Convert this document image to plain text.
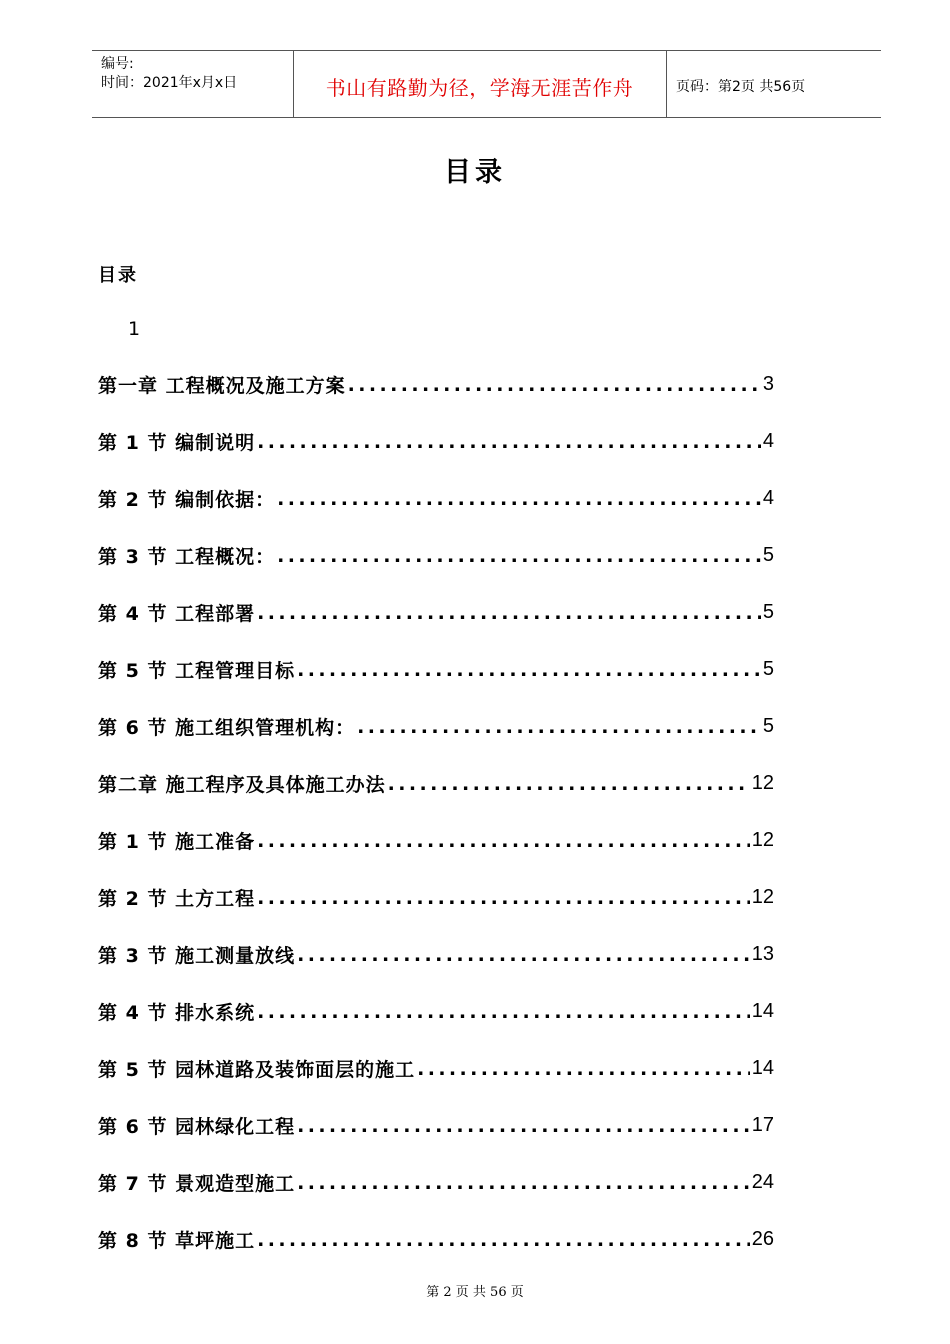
编号:
时间：2021年x月x日	书山有路勤为径，学海无涯苦作舟	页码：第2页 共56页
目录
目录
1
第一章 工程概况及施工方案 .....	3
第 1 节 编制说明 .....	4
第 2 节 编制依据： .....	4
第 3 节 工程概况： .....	5
第 4 节 工程部署 .....	5
第 5 节 工程管理目标 .....	5
第 6 节 施工组织管理机构： .....	5
第二章 施工程序及具体施工办法 .....	12
第 1 节 施工准备 .....	12
第 2 节 土方工程 .....	12
第 3 节 施工测量放线 .....	13
第 4 节 排水系统 .....	14
第 5 节 园林道路及装饰面层的施工 .....	14
第 6 节 园林绿化工程 .....	17
第 7 节 景观造型施工 .....	24
第 8 节 草坪施工 .....	26
第 2 页 共 56 页
